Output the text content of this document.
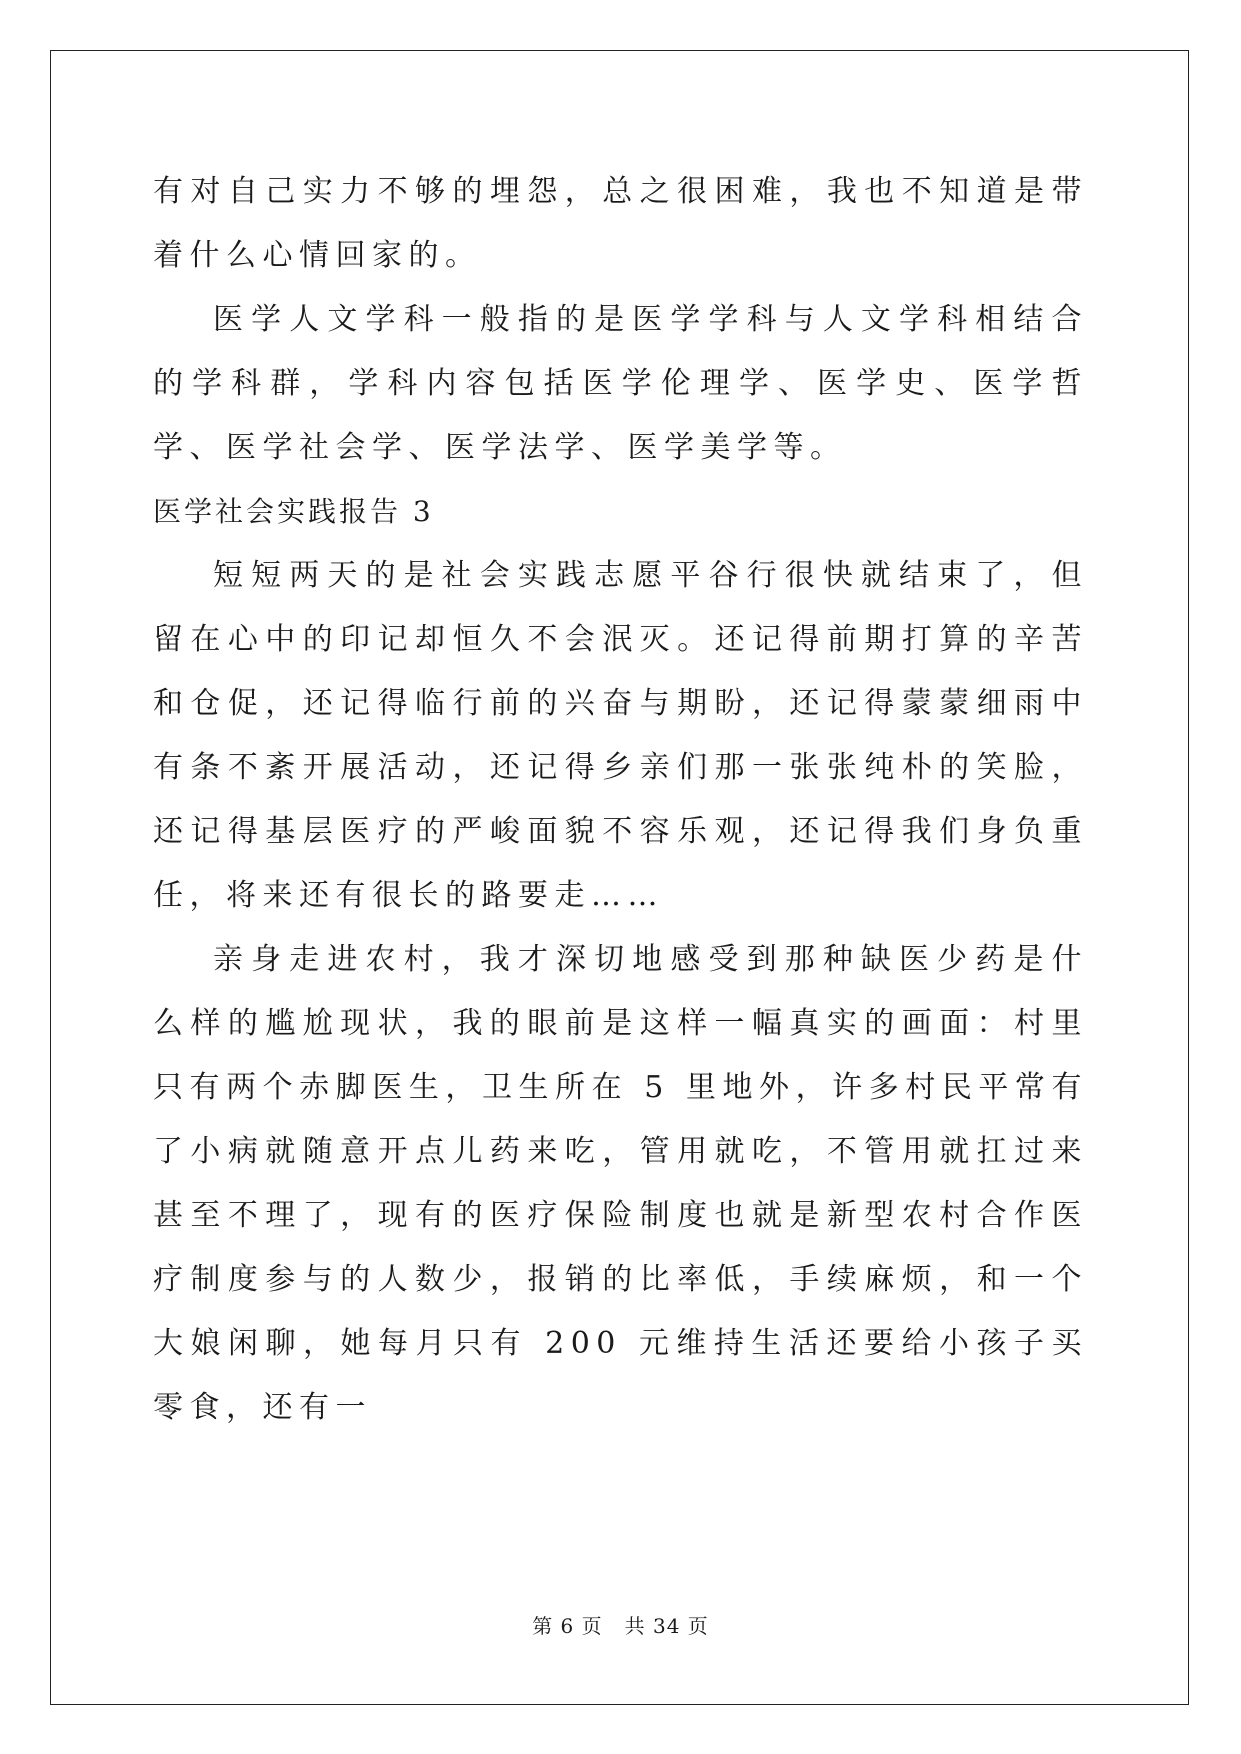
有对自己实力不够的埋怨，总之很困难，我也不知道是带着什么心情回家的。

医学人文学科一般指的是医学学科与人文学科相结合的学科群，学科内容包括医学伦理学、医学史、医学哲学、医学社会学、医学法学、医学美学等。

医学社会实践报告 3

短短两天的是社会实践志愿平谷行很快就结束了，但留在心中的印记却恒久不会泯灭。还记得前期打算的辛苦和仓促，还记得临行前的兴奋与期盼，还记得蒙蒙细雨中有条不紊开展活动，还记得乡亲们那一张张纯朴的笑脸，还记得基层医疗的严峻面貌不容乐观，还记得我们身负重任，将来还有很长的路要走……

亲身走进农村，我才深切地感受到那种缺医少药是什么样的尴尬现状，我的眼前是这样一幅真实的画面：村里只有两个赤脚医生，卫生所在 5 里地外，许多村民平常有了小病就随意开点儿药来吃，管用就吃，不管用就扛过来甚至不理了，现有的医疗保险制度也就是新型农村合作医疗制度参与的人数少，报销的比率低，手续麻烦，和一个大娘闲聊，她每月只有 200 元维持生活还要给小孩子买零食，还有一

第 6 页 共 34 页
